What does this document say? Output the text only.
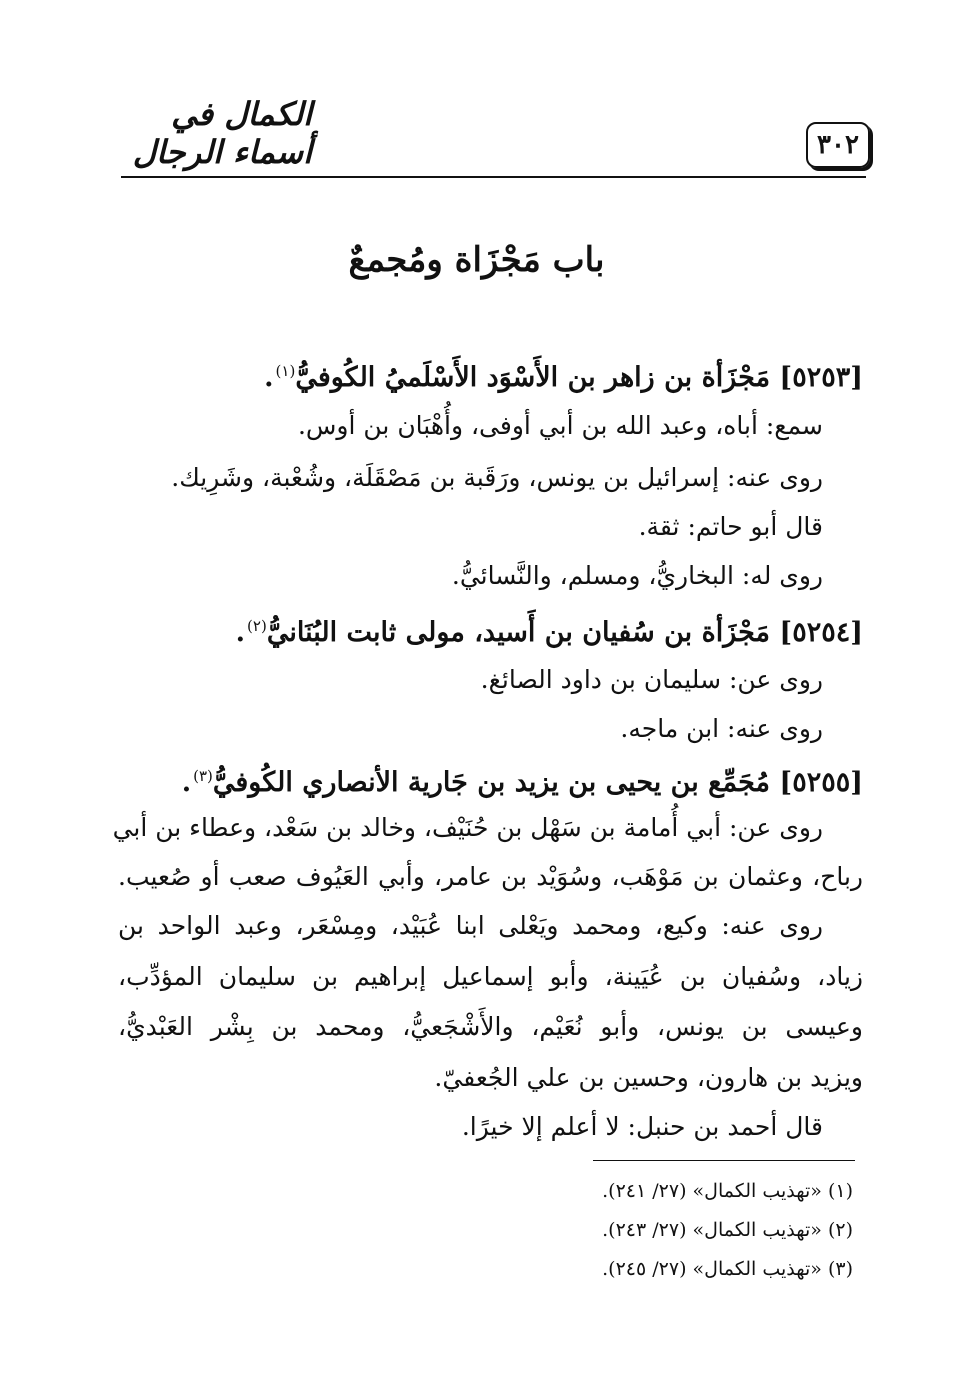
٣٠٢
الكمال في أسماء الرجال
باب مَجْزَاة ومُجمعٌ
[٥٢٥٣] مَجْزَأة بن زاهر بن الأَسْوَد الأَسْلَميُ الكُوفيُّ$^{(١)}$.
سمع: أباه، وعبد الله بن أبي أوفى، وأُهْبَان بن أوس.
روى عنه: إسرائيل بن يونس، ورَقَبة بن مَصْقَلَة، وشُعْبة، وشَرِيك.
قال أبو حاتم: ثقة.
روى له: البخاريُّ، ومسلم، والنَّسائيُّ.
[٥٢٥٤] مَجْزَأة بن سُفيان بن أَسيد، مولى ثابت البُنَانيُّ$^{(٢)}$.
روى عن: سليمان بن داود الصائغ.
روى عنه: ابن ماجه.
[٥٢٥٥] مُجَمِّع بن يحيى بن يزيد بن جَارية الأنصاري الكُوفيُّ$^{(٣)}$.
روى عن: أبي أُمامة بن سَهْل بن حُنَيْف، وخالد بن سَعْد، وعطاء بن أبي
رباح، وعثمان بن مَوْهَب، وسُوَيْد بن عامر، وأبي العَيُوف صعب أو صُعيب.
روى عنه: وكيع، ومحمد ويَعْلى ابنا عُبَيْد، ومِسْعَر، وعبد الواحد بن
زياد، وسُفيان بن عُيَينة، وأبو إسماعيل إبراهيم بن سليمان المؤدِّب،
وعيسى بن يونس، وأبو نُعَيْم، والأَشْجَعيُّ، ومحمد بن بِشْر العَبْديُّ،
ويزيد بن هارون، وحسين بن علي الجُعفيّ.
قال أحمد بن حنبل: لا أعلم إلا خيرًا.
(١) «تهذيب الكمال» (٢٧/ ٢٤١).
(٢) «تهذيب الكمال» (٢٧/ ٢٤٣).
(٣) «تهذيب الكمال» (٢٧/ ٢٤٥).
